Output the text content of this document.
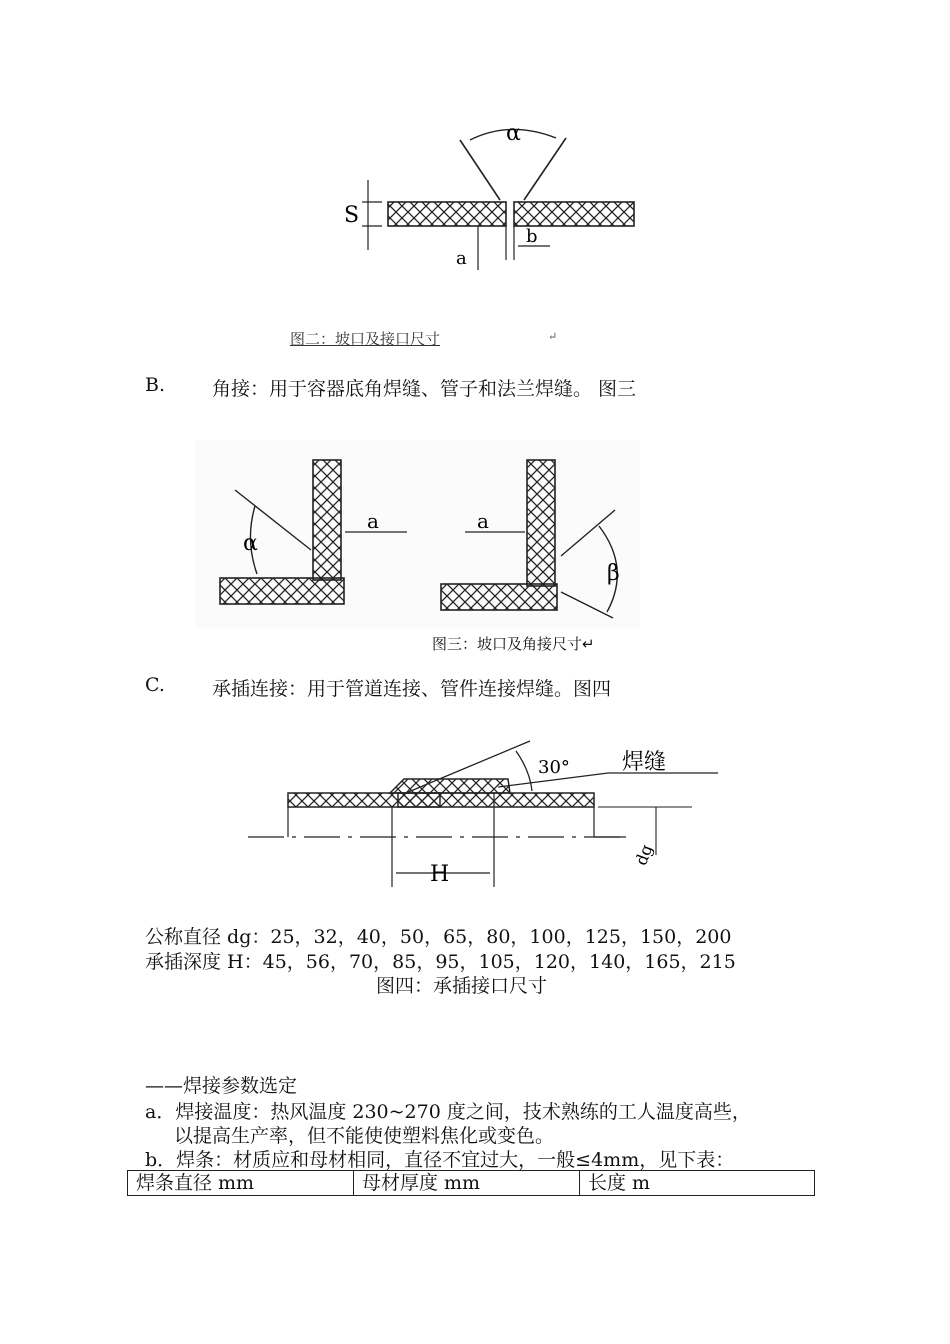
α
S
a
b
图二：坡口及接口尺寸	↵
B. 角接：用于容器底角焊缝、管子和法兰焊缝。 图三
α
a	a
β
图三：坡口及角接尺寸↵
C. 承插连接：用于管道连接、管件连接焊缝。图四
30° 焊缝
H
dg
公称直径 dg：25，32，40，50，65，80，100，125，150，200
承插深度 H：45，56，70，85，95，105，120，140，165，215
图四：承插接口尺寸
——焊接参数选定
a．焊接温度：热风温度 230~270 度之间，技术熟练的工人温度高些，
以提高生产率，但不能使使塑料焦化或变色。
b．焊条：材质应和母材相同，直径不宜过大，一般≤4mm，见下表：
焊条直径 mm	母材厚度 mm	长度 m
